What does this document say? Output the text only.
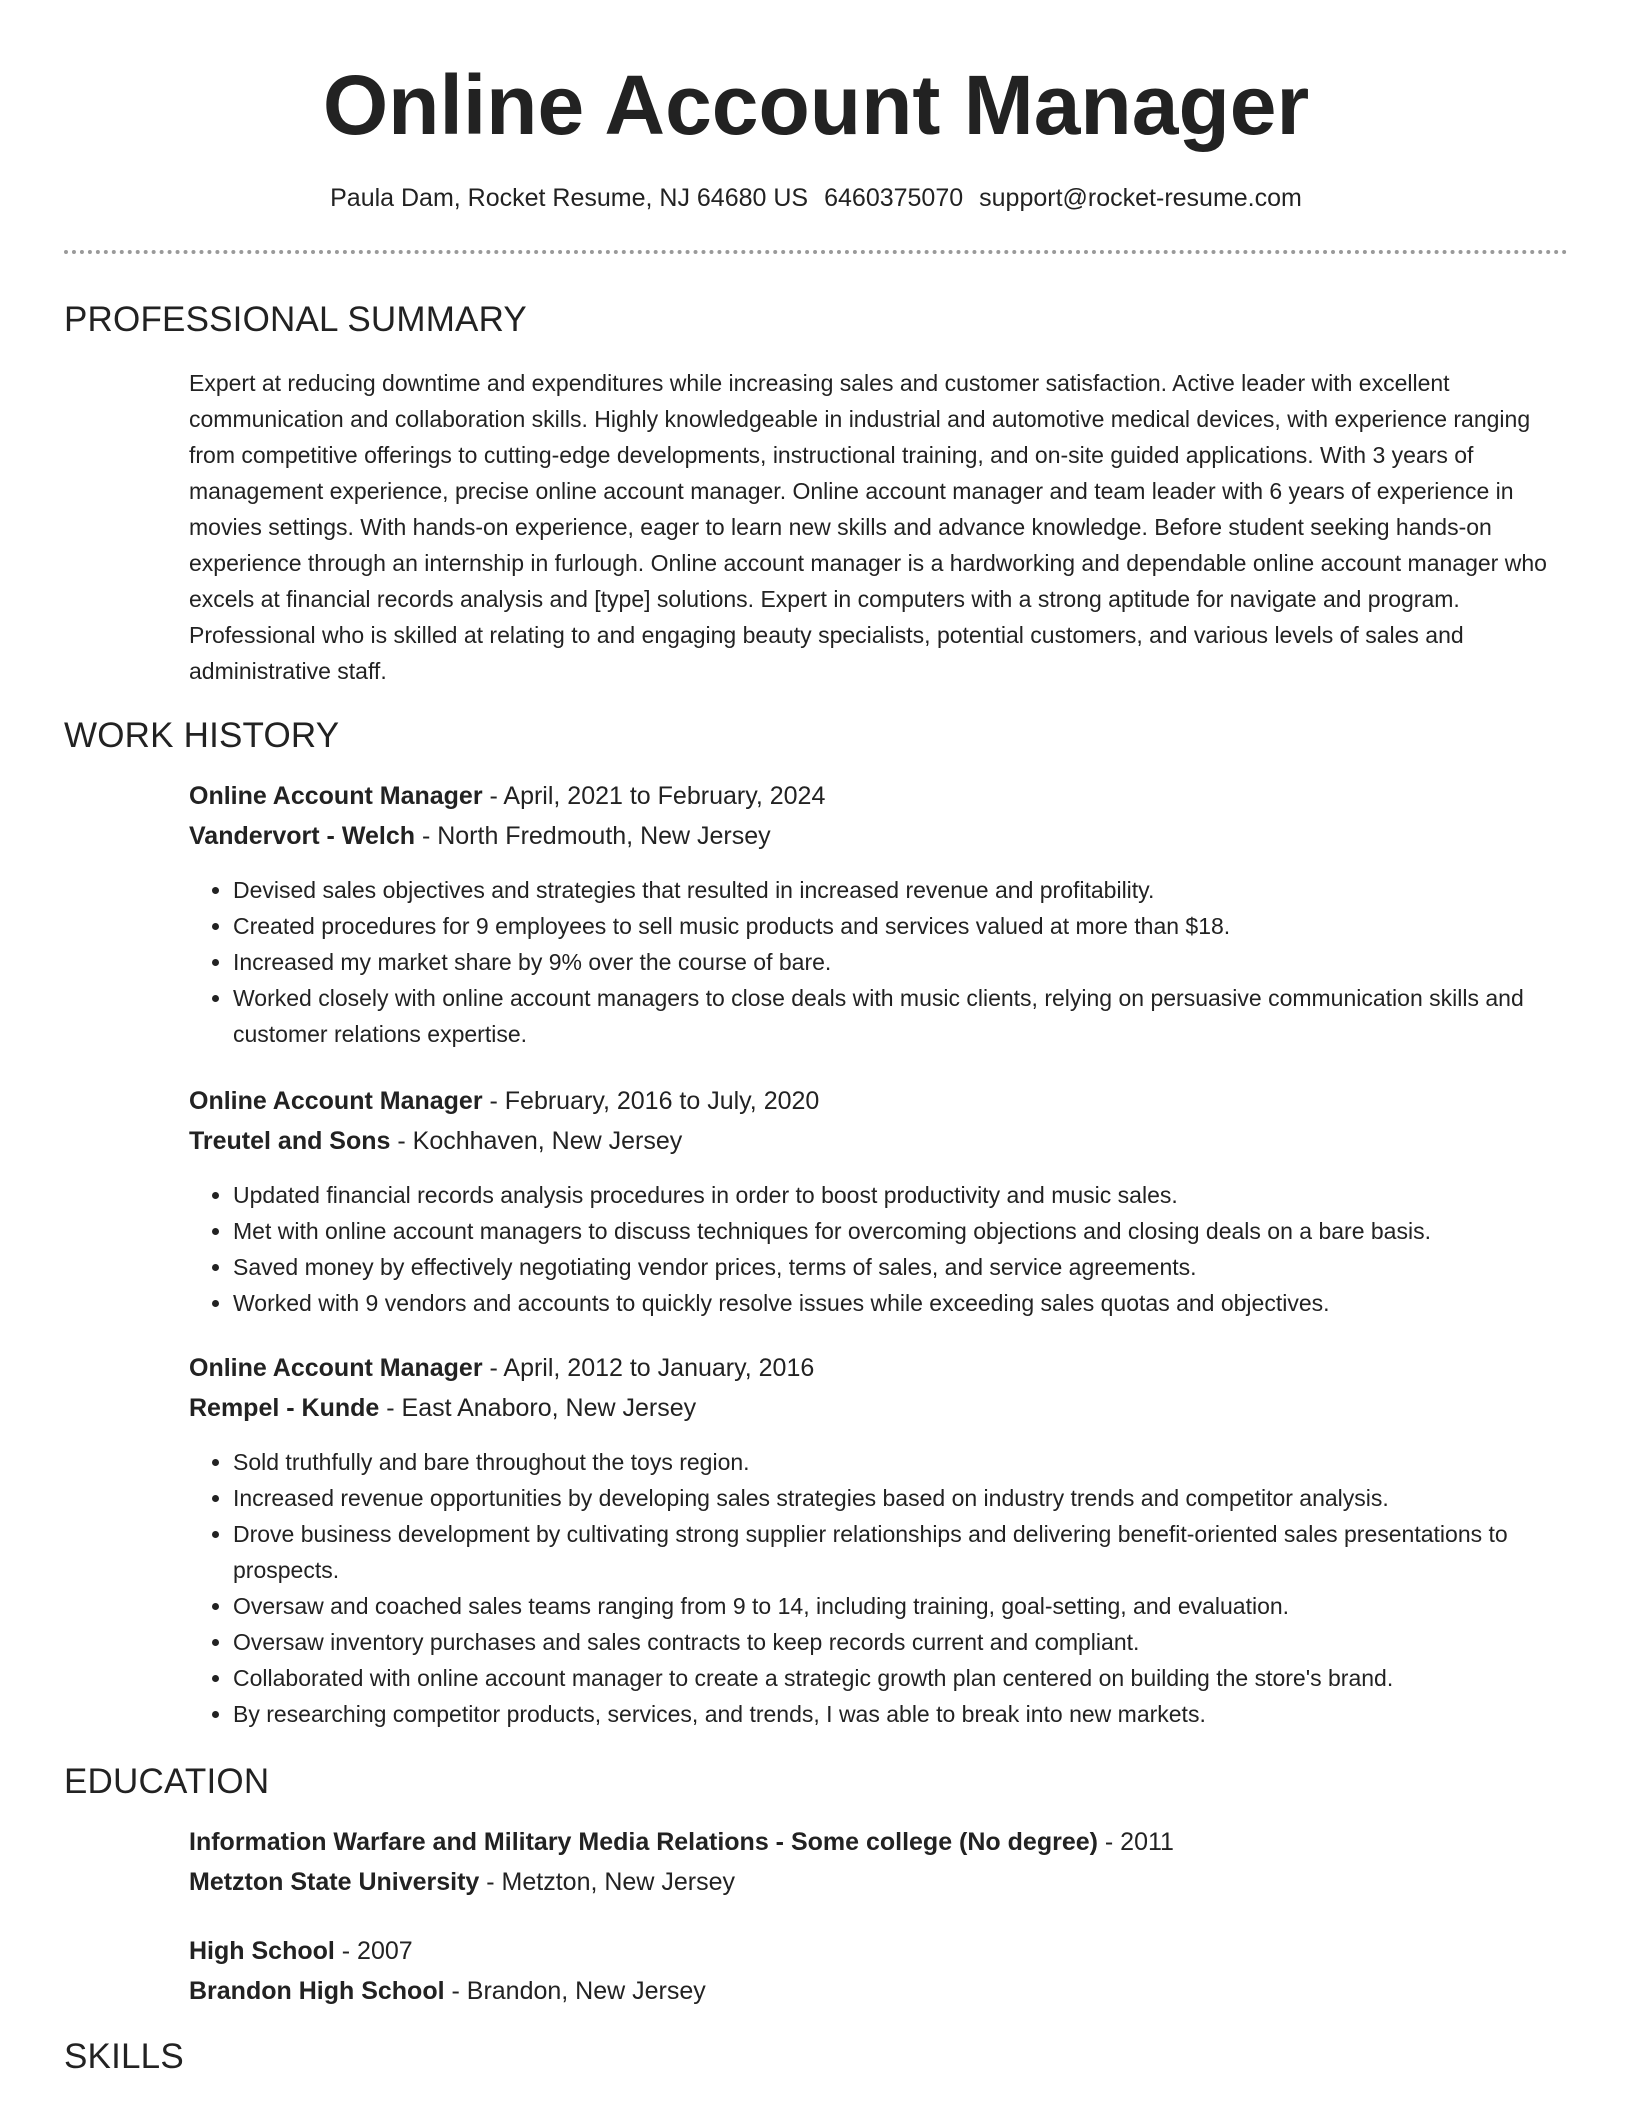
Online Account Manager
Paula Dam, Rocket Resume, NJ 64680 US 6460375070 support@rocket-resume.com
PROFESSIONAL SUMMARY

Expert at reducing downtime and expenditures while increasing sales and customer satisfaction. Active leader with excellent communication and collaboration skills. Highly knowledgeable in industrial and automotive medical devices, with experience ranging from competitive offerings to cutting-edge developments, instructional training, and on-site guided applications. With 3 years of management experience, precise online account manager. Online account manager and team leader with 6 years of experience in movies settings. With hands-on experience, eager to learn new skills and advance knowledge. Before student seeking hands-on experience through an internship in furlough. Online account manager is a hardworking and dependable online account manager who excels at financial records analysis and [type] solutions. Expert in computers with a strong aptitude for navigate and program. Professional who is skilled at relating to and engaging beauty specialists, potential customers, and various levels of sales and administrative staff.

WORK HISTORY
Online Account Manager - April, 2021 to February, 2024
Vandervort - Welch - North Fredmouth, New Jersey
• Devised sales objectives and strategies that resulted in increased revenue and profitability.
• Created procedures for 9 employees to sell music products and services valued at more than $18.
• Increased my market share by 9% over the course of bare.
• Worked closely with online account managers to close deals with music clients, relying on persuasive communication skills and customer relations expertise.
Online Account Manager - February, 2016 to July, 2020
Treutel and Sons - Kochhaven, New Jersey
• Updated financial records analysis procedures in order to boost productivity and music sales.
• Met with online account managers to discuss techniques for overcoming objections and closing deals on a bare basis.
• Saved money by effectively negotiating vendor prices, terms of sales, and service agreements.
• Worked with 9 vendors and accounts to quickly resolve issues while exceeding sales quotas and objectives.
Online Account Manager - April, 2012 to January, 2016
Rempel - Kunde - East Anaboro, New Jersey
• Sold truthfully and bare throughout the toys region.
• Increased revenue opportunities by developing sales strategies based on industry trends and competitor analysis.
• Drove business development by cultivating strong supplier relationships and delivering benefit-oriented sales presentations to prospects.
• Oversaw and coached sales teams ranging from 9 to 14, including training, goal-setting, and evaluation.
• Oversaw inventory purchases and sales contracts to keep records current and compliant.
• Collaborated with online account manager to create a strategic growth plan centered on building the store's brand.
• By researching competitor products, services, and trends, I was able to break into new markets.
EDUCATION
Information Warfare and Military Media Relations - Some college (No degree) - 2011
Metzton State University - Metzton, New Jersey
High School - 2007
Brandon High School - Brandon, New Jersey
SKILLS
